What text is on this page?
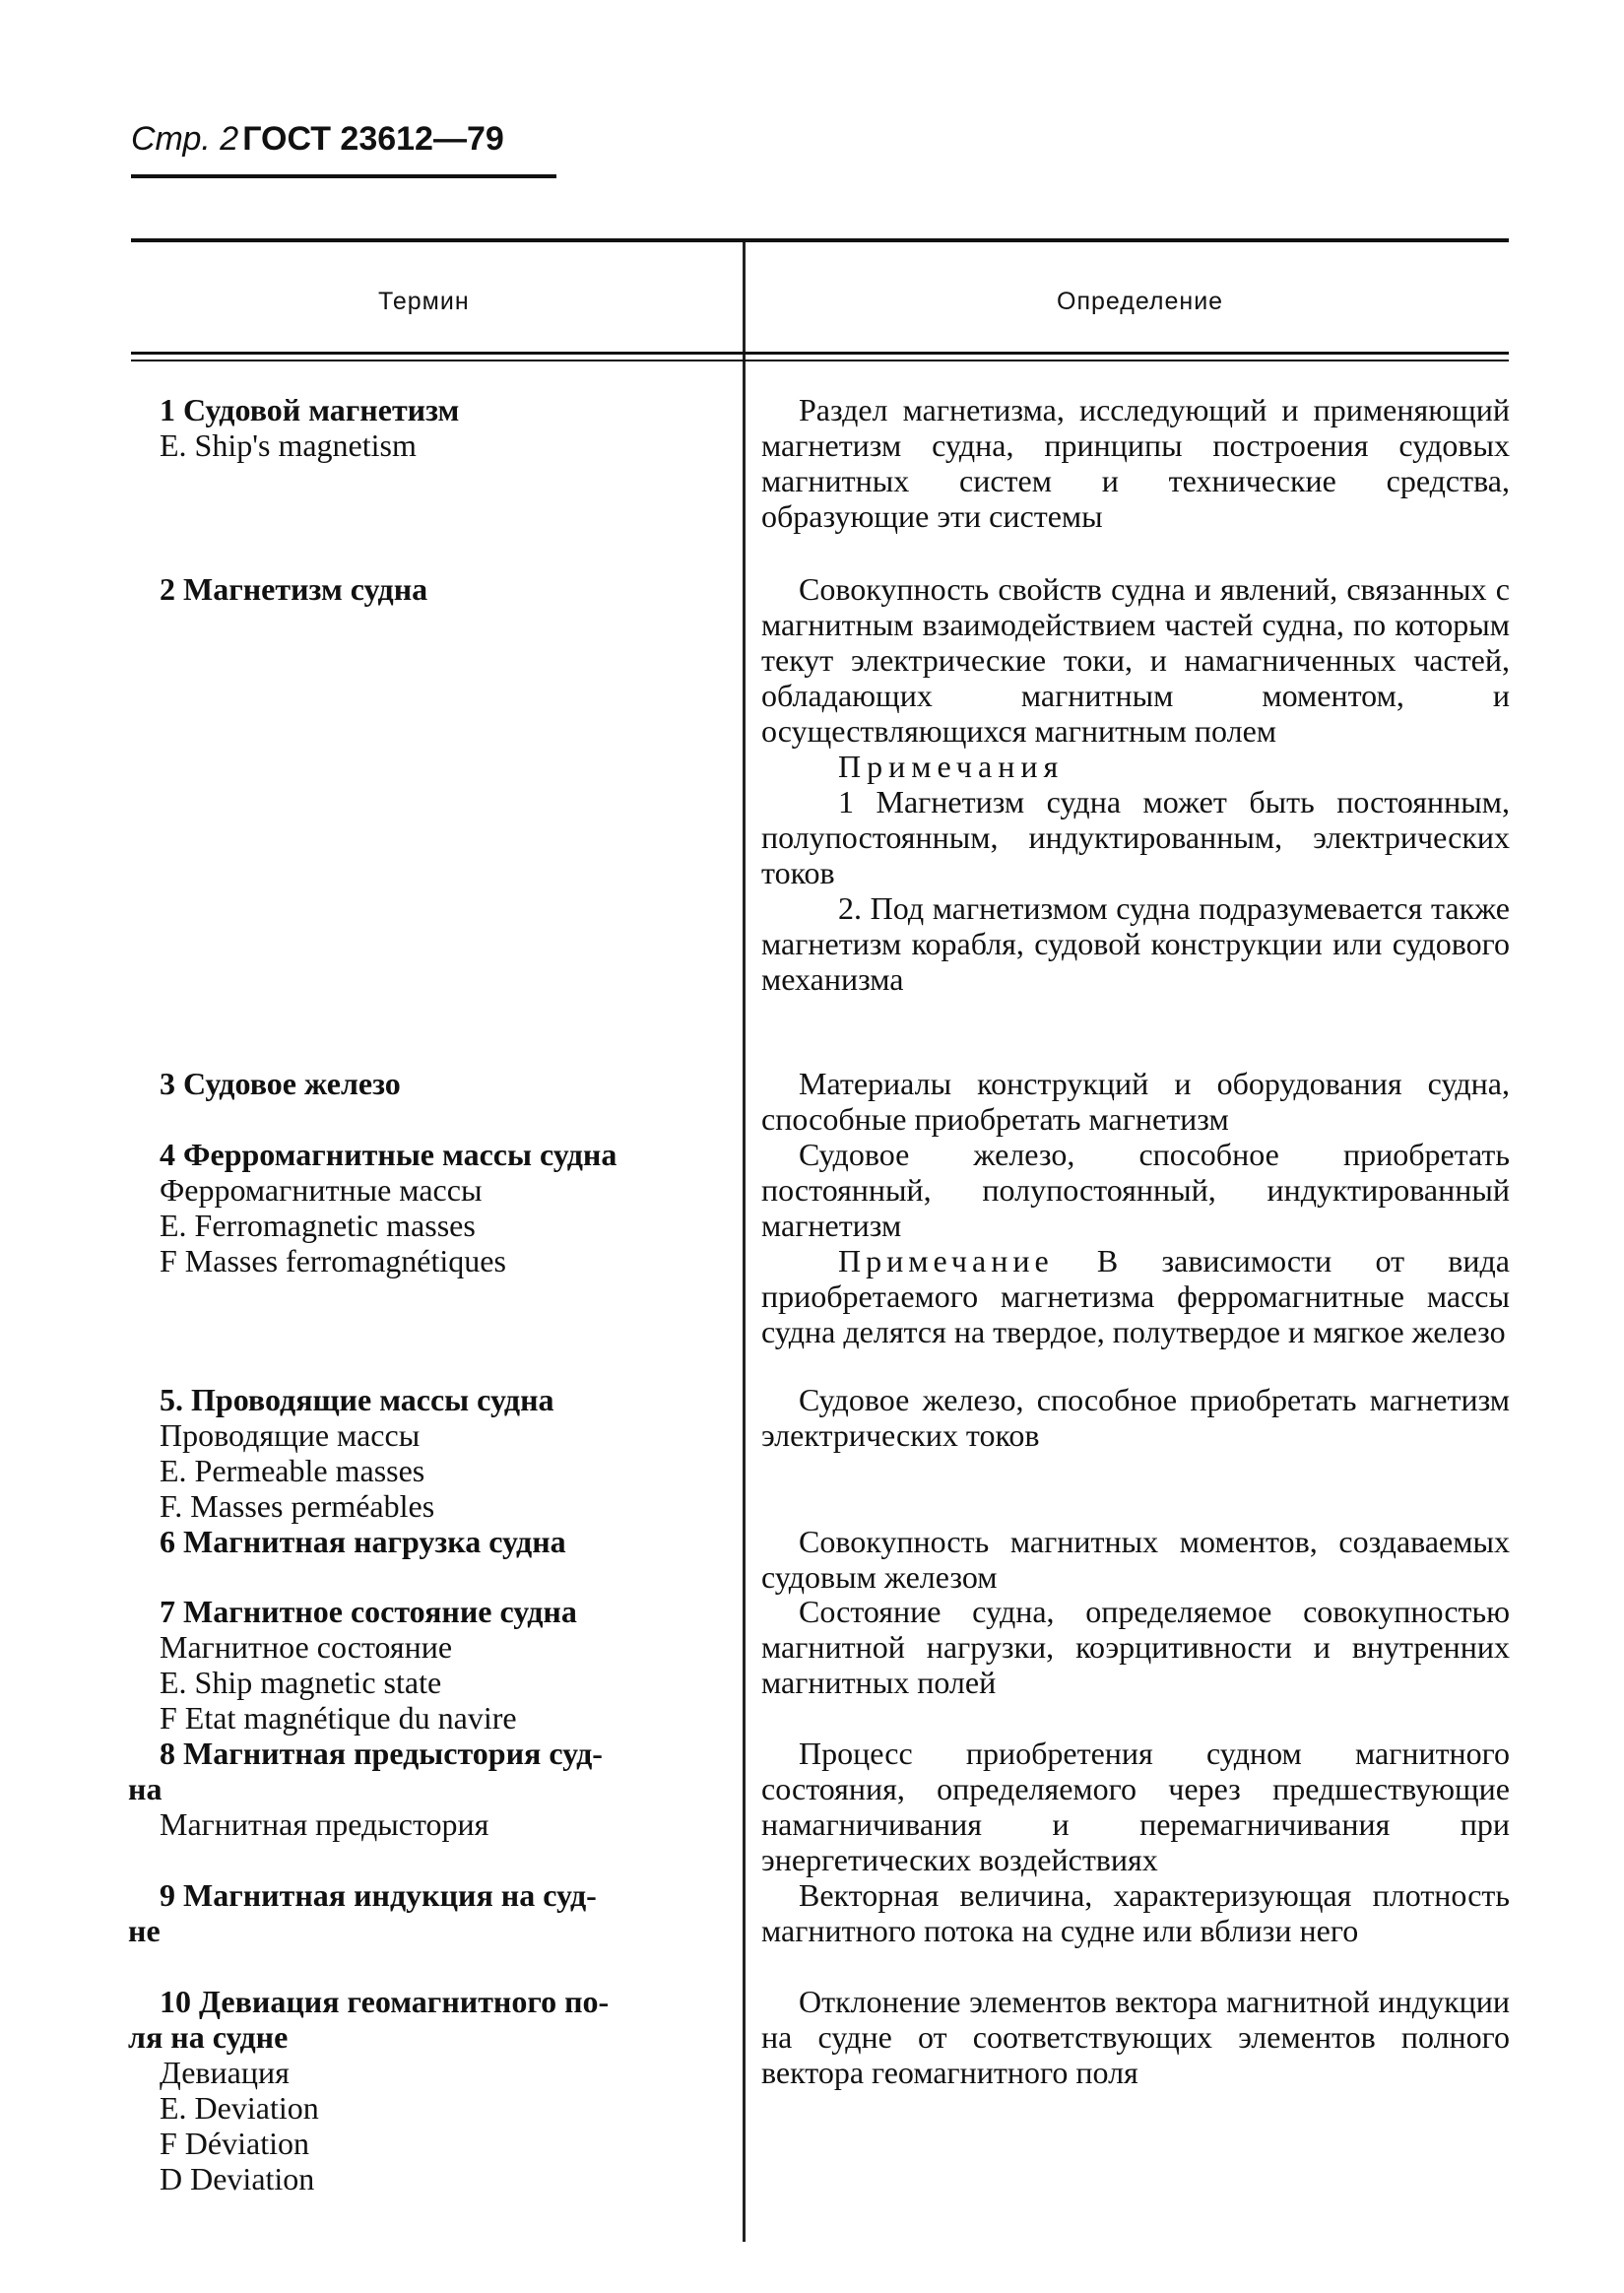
Стр. 2 ГОСТ 23612—79
Термин	Определение
1 Судовой магнетизм
E. Ship's magnetism
2 Магнетизм судна
3 Судовое железо
4 Ферромагнитные массы судна
Ферромагнитные массы
E. Ferromagnetic masses
F Masses ferromagnétiques
5. Проводящие массы судна
Проводящие массы
E. Permeable masses
F. Masses perméables
6 Магнитная нагрузка судна
7 Магнитное состояние судна
Магнитное состояние
E. Ship magnetic state
F Etat magnétique du navire
8 Магнитная предыстория суд-
на
Магнитная предыстория
9 Магнитная индукция на суд-
не
10 Девиация геомагнитного по-
ля на судне
Девиация
E. Deviation
F Déviation
D Deviation
Раздел магнетизма, исследующий и применяющий магнетизм судна, принципы построения судовых магнитных систем и технические средства, образующие эти системы
Совокупность свойств судна и явлений, связанных с магнитным взаимодействием частей судна, по которым текут электрические токи, и намагниченных частей, обладающих магнитным моментом, и осуществляющихся магнитным полем
Примечания
1 Магнетизм судна может быть постоянным, полупостоянным, индуктированным, электрических токов
2. Под магнетизмом судна подразумевается также магнетизм корабля, судовой конструкции или судового механизма
Материалы конструкций и оборудования судна, способные приобретать магнетизм
Судовое железо, способное приобретать постоянный, полупостоянный, индуктированный магнетизм
Примечание В зависимости от вида приобретаемого магнетизма ферромагнитные массы судна делятся на твердое, полутвердое и мягкое железо
Судовое железо, способное приобретать магнетизм электрических токов
Совокупность магнитных моментов, создаваемых судовым железом
Состояние судна, определяемое совокупностью магнитной нагрузки, коэрцитивности и внутренних магнитных полей
Процесс приобретения судном магнитного состояния, определяемого через предшествующие намагничивания и перемагничивания при энергетических воздействиях
Векторная величина, характеризующая плотность магнитного потока на судне или вблизи него
Отклонение элементов вектора магнитной индукции на судне от соответствующих элементов полного вектора геомагнитного поля
